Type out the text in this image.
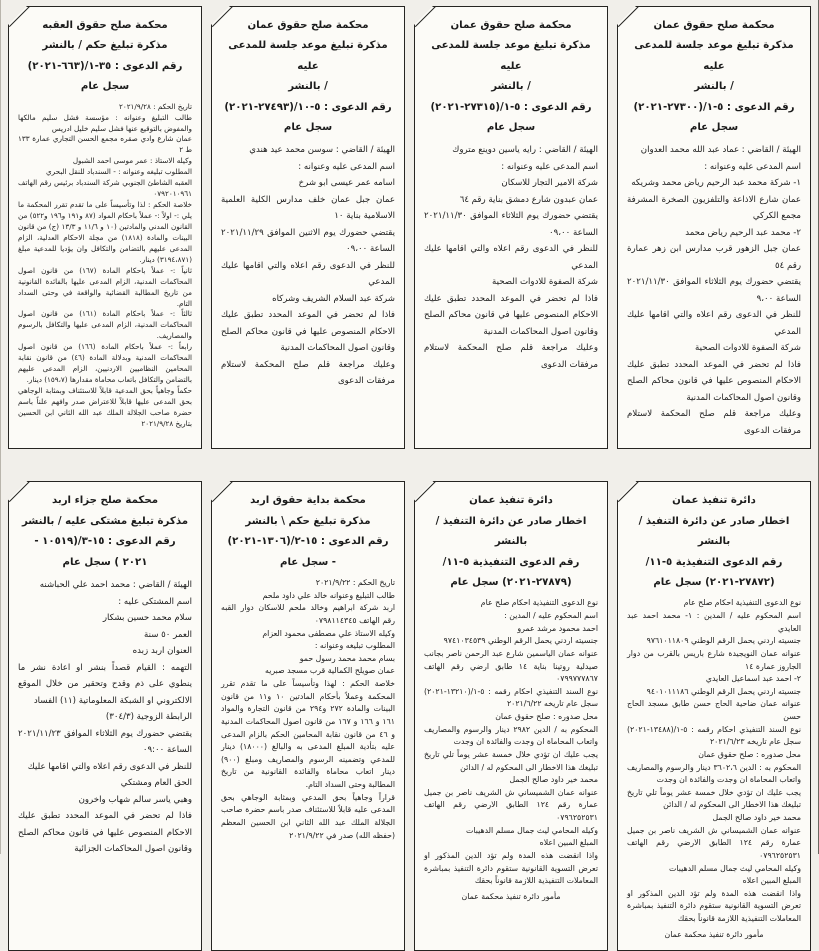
محكمة صلح حقوق عمان
مذكرة تبليغ موعد جلسة للمدعى عليه
/ بالنشر
رقم الدعوى : ٥-١/(٢٧٣٠٠-٢٠٢١)
سجل عام

الهيئة / القاضي : عماد عبد الله محمد العدوان

اسم المدعى عليه وعنوانه :

١- شركة محمد عبد الرحيم رياض محمد وشريكه

عمان شارع الاذاعة والتلفزيون الصخرة المشرفة مجمع الكركي

٢- محمد عبد الرحيم رياض محمد

عمان جبل الزهور قرب مدارس ابن زهر عمارة رقم ٥٤

يقتضي حضورك يوم الثلاثاء الموافق ٢٠٢١/١١/٣٠ الساعة ٩،٠٠

للنظر في الدعوى رقم اعلاه والتي اقامها عليك المدعي

شركة الصفوة للادوات الصحية

فاذا لم تحضر في الموعد المحدد تطبق عليك الاحكام المنصوص عليها في قانون محاكم الصلح وقانون اصول المحاكمات المدنية

وعليك مراجعة قلم صلح المحكمة لاستلام مرفقات الدعوى

محكمة صلح حقوق عمان
مذكرة تبليغ موعد جلسة للمدعى عليه
/ بالنشر
رقم الدعوى : ٥-١/(٢٧٣١٥-٢٠٢١)
سجل عام

الهيئة / القاضي : رايه ياسين دوينع متروك

اسم المدعى عليه وعنوانه :

شركة الامير التجار للاسكان

عمان عبدون شارع دمشق بناية رقم ٦٤

يقتضي حضورك يوم الثلاثاء الموافق ٢٠٢١/١١/٣٠ الساعة ٠٩،٠٠

للنظر في الدعوى رقم اعلاه والتي اقامها عليك المدعي

شركة الصفوة للادوات الصحية

فاذا لم تحضر في الموعد المحدد تطبق عليك الاحكام المنصوص عليها في قانون محاكم الصلح وقانون اصول المحاكمات المدنية

وعليك مراجعة قلم صلح المحكمة لاستلام مرفقات الدعوى

محكمة صلح حقوق عمان
مذكرة تبليغ موعد جلسة للمدعى عليه
/ بالنشر
رقم الدعوى : ٥-١٠/(٢٧٤٩٣-٢٠٢١)
سجل عام

الهيئة / القاضي : سوسن محمد عيد هندي

اسم المدعى عليه وعنوانه :

اسامه عمر عيسى ابو شرخ

عمان جبل عمان خلف مدارس الكلية العلمية الاسلامية بناية ١٠

يقتضي حضورك يوم الاثنين الموافق ٢٠٢١/١١/٢٩ الساعة ٠٩،٠٠

للنظر في الدعوى رقم اعلاه والتي اقامها عليك المدعي

شركة عبد السلام الشريف وشركاه

فاذا لم تحضر في الموعد المحدد تطبق عليك الاحكام المنصوص عليها في قانون محاكم الصلح وقانون اصول المحاكمات المدنية

وعليك مراجعة قلم صلح المحكمة لاستلام مرفقات الدعوى

محكمة صلح حقوق العقبه
مذكرة تبليغ حكم / بالنشر
رقم الدعوى : ٣٥-١/(٦٦٣-٢٠٢١) سجل عام

تاريخ الحكم : ٢٠٢١/٩/٢٨

طالب التبليغ وعنوانه : مؤسسة فشل سليم مالكها والمفوض بالتوقيع عنها فشل سليم خليل ادريس

عمان شارع وادي صقره مجمع الحسن التجاري عمارة ١٣٣ ط ٢

وكيله الاستاذ : عمر موسى احمد الشبول

المطلوب تبليغه وعنوانه : - السندباد للنقل البحري

العقبه الشاطئ الجنوبي شركة السندباد برئيس رقم الهاتف ٠٧٩٢٠١٠٩٦١

خلاصة الحكم : لذا وتأسيساً على ما تقدم تقرر المحكمة ما يلي :- اولاً :- عملاً باحكام المواد (٨٧ و١٩١ و١٩٦ و٥٢٢) من القانون المدني والمادتين (١٠ و ١١/٦ و ١٣/٣ (ج) من قانون البينات والمادة (١٨١٨) من مجلة الاحكام العدلية، الزام المدعى عليهم بالتضامن والتكافل وان يؤديا للمدعية مبلغ (٣١٩٤،٨٧١) دينار.

ثانياً :- عملاً باحكام المادة (١٦٧) من قانون اصول المحاكمات المدنية، الزام المدعى عليها بالفائدة القانونية من تاريخ المطالبة القضائية والواقعة في وحتى السداد التام.

ثالثاً :- عملاً باحكام المادة (١٦١) من قانون اصول المحاكمات المدنية، الزام المدعى عليها والتكافل بالرسوم والمصاريف.

رابعاً :- عملاً باحكام المادة (١٦٦) من قانون اصول المحاكمات المدنية وبدلالة المادة (٤٦) من قانون نقابة المحامين النظاميين الاردنيين، الزام المدعى عليهم بالتضامن والتكافل باتعاب محاماة مقدارها (١٥٩،٧) دينار.

حكماً وجاهياً بحق المدعية قابلاً للاستئناف وبمثابة الوجاهي بحق المدعى عليها قابلاً للاعتراض صدر وافهم علناً باسم حضرة صاحب الجلالة الملك عبد الله الثاني ابن الحسين بتاريخ ٢٠٢١/٩/٢٨

دائرة تنفيذ عمان
اخطار صادر عن دائرة التنفيذ / بالنشر
رقم الدعوى التنفيذية ٥-١١/
(٢٧٨٧٢-٢٠٢١) سجل عام

نوع الدعوى التنفيذية احكام صلح عام

اسم المحكوم عليه / المدين : ١- محمد احمد عبد العايدي

جنسيته اردني يحمل الرقم الوطني ٩٧٦١٠١١٨٠٩

عنوانه عمان النويجيدة شارع باريس بالقرب من دوار الجاروز عمارة ١٤

٢- احمد عبد اسماعيل العايدي

جنسيته اردني يحمل الرقم الوطني ٩٤٠١٠١١١٨٦

عنوانه عمان ضاحية الحاج حسن طابق مسجد الحاج حسن

نوع السند التنفيذي احكام رقمه : ٥-١/(١٣٤٨٨-٢٠٢١) سجل عام تاريخه ٢٠٢١/٦/٢٣

محل صدوره : صلح حقوق عمان

المحكوم به : الدين ٣٦٠٢،٦ دينار والرسوم والمصاريف واتعاب المحاماة ان وجدت والفائدة ان وجدت

يجب عليك ان تؤدي خلال خمسة عشر يوماً تلي تاريخ تبليغك هذا الاخطار الى المحكوم له / الدائن

محمد خير داود صالح الجمل

عنوانه عمان الشميساني ش الشريف ناصر بن جميل عمارة رقم ١٢٤ الطابق الارضي رقم الهاتف ٠٧٩٦٢٥٢٥٣١

وكيله المحامي ليث جمال مسلم الدهيبات

المبلغ المبين اعلاه

واذا انقضت هذه المدة ولم تؤد الدين المذكور او تعرض التسوية القانونية ستقوم دائرة التنفيذ بمباشرة المعاملات التنفيذية اللازمة قانوناً بحقك

مأمور دائرة تنفيذ محكمة عمان

دائرة تنفيذ عمان
اخطار صادر عن دائرة التنفيذ / بالنشر
رقم الدعوى التنفيذية ٥-١١/
(٢٧٨٧٩-٢٠٢١) سجل عام

نوع الدعوى التنفيذية احكام صلح عام

اسم المحكوم عليه / المدين :

احمد محمود مرشد عمرو

جنسيته اردني يحمل الرقم الوطني ٩٧٤١٠٣٤٥٣٩

عنوانه عمان الياسمين شارع عبد الرحمن ناصر بجانب صيدلية روتينا بناية ١٤ طابق ارضي رقم الهاتف ٠٧٩٩٧٧٧٨٦٧

نوع السند التنفيذي احكام رقمه : ٥-١/(١٣٢١٠-٢٠٢١) سجل عام تاريخه ٢٠٢١/٦/٢٢

محل صدوره : صلح حقوق عمان

المحكوم به / الدين ٢٩٨٢ دينار والرسوم والمصاريف واتعاب المحاماة ان وجدت والفائدة ان وجدت

يجب عليك ان تؤدي خلال خمسة عشر يوماً تلي تاريخ تبليغك هذا الاخطار الى المحكوم له / الدائن

محمد خير داود صالح الجمل

عنوانه عمان الشميساني ش الشريف ناصر بن جميل عمارة رقم ١٢٤ الطابق الارضي رقم الهاتف ٠٧٩٦٢٥٢٥٣١

وكيله المحامي ليث جمال مسلم الدهيبات

المبلغ المبين اعلاه

واذا انقضت هذه المدة ولم تؤد الدين المذكور او تعرض التسوية القانونية ستقوم دائرة التنفيذ بمباشرة المعاملات التنفيذية اللازمة قانوناً بحقك

مأمور دائرة تنفيذ محكمة عمان

محكمة بداية حقوق اربد
مذكرة تبليغ حكم \ بالنشر
رقم الدعوى : ١٥-٢/(١٣٠٦-٢٠٢١)
- سجل عام

تاريخ الحكم : ٢٠٢١/٩/٢٢

طالب التبليغ وعنوانه خالد علي داود ملحم

اربد شركة ابراهيم وخالد ملحم للاسكان دوار القبه رقم الهاتف ٠٧٩٨١١٤٣٤٥

وكيله الاستاذ علي مصطفى محمود العزام

المطلوب تبليغه وعنوانه :

بسام محمد محمد رسول حمو

عمان صويلح الكمالية قرب مسجد صبريه

خلاصة الحكم : لهذا وتأسيساً على ما تقدم تقرر المحكمة وعملاً بأحكام المادتين ١٠ و١١ من قانون البينات والمادة ٢٧٢ و٢٩٤ من قانون التجارة والمواد ١٦١ و ١٦٦ و ١٦٧ من قانون اصول المحاكمات المدنية و ٤٦ من قانون نقابة المحامين الحكم بالزام المدعى عليه بتأدية المبلغ المدعى به والبالغ (١٨٠٠٠) دينار للمدعي وتضمينه الرسوم والمصاريف ومبلغ (٩٠٠) دينار اتعاب محاماة والفائدة القانونية من تاريخ المطالبة وحتى السداد التام.

قراراً وجاهياً بحق المدعي وبمثابة الوجاهي بحق المدعى عليه قابلاً للاستئناف صدر باسم حضرة صاحب الجلالة الملك عبد الله الثاني ابن الحسين المعظم (حفظه الله) صدر في ٢٠٢١/٩/٢٢

محكمة صلح جزاء اربد
مذكرة تبليغ مشتكى عليه / بالنشر
رقم الدعوى : ١٥-٣/(١٠٥١٩ -
٢٠٢١ ) سجل عام

الهيئة / القاضي : محمد احمد علي الحباشنه

اسم المشتكى عليه :

سلام محمد حسين بشكار

العمر ٥٠ سنة

العنوان اربد زبده

التهمه : القيام قصداً بنشر او اعادة نشر ما ينطوي على ذم وقدح وتحقير من خلال الموقع الالكتروني او الشبكة المعلوماتية (١١) الفساد

الرابطة الزوجية (٣٠٤/٣)

يقتضي حضورك يوم الثلاثاء الموافق ٢٠٢١/١١/٢٣ الساعة ٠٩:٠٠

للنظر في الدعوى رقم اعلاه والتي اقامها عليك

الحق العام ومشتكي

وهبي ياسر سالم شهاب واخرون

فاذا لم تحضر في الموعد المحدد تطبق عليك الاحكام المنصوص عليها في قانون محاكم الصلح وقانون اصول المحاكمات الجزائية
